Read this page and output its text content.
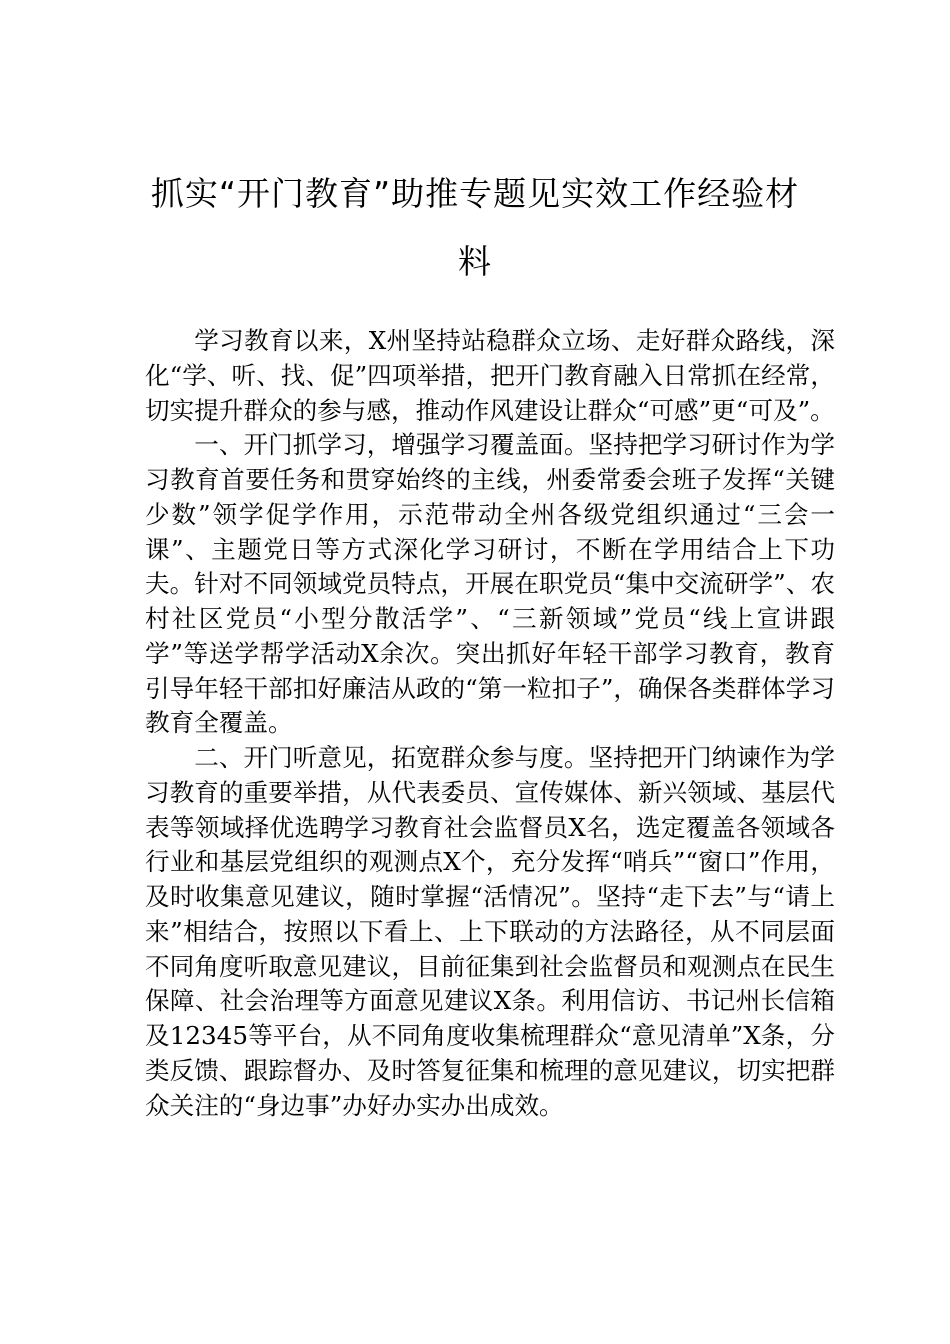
抓实“开门教育”助推专题见实效工作经验材料

学习教育以来，X州坚持站稳群众立场、走好群众路线，深化“学、听、找、促”四项举措，把开门教育融入日常抓在经常，切实提升群众的参与感，推动作风建设让群众“可感”更“可及”。

一、开门抓学习，增强学习覆盖面。坚持把学习研讨作为学习教育首要任务和贯穿始终的主线，州委常委会班子发挥“关键少数”领学促学作用，示范带动全州各级党组织通过“三会一课”、主题党日等方式深化学习研讨，不断在学用结合上下功夫。针对不同领域党员特点，开展在职党员“集中交流研学”、农村社区党员“小型分散活学”、“三新领域”党员“线上宣讲跟学”等送学帮学活动X余次。突出抓好年轻干部学习教育，教育引导年轻干部扣好廉洁从政的“第一粒扣子”，确保各类群体学习教育全覆盖。

二、开门听意见，拓宽群众参与度。坚持把开门纳谏作为学习教育的重要举措，从代表委员、宣传媒体、新兴领域、基层代表等领域择优选聘学习教育社会监督员X名，选定覆盖各领域各行业和基层党组织的观测点X个，充分发挥“哨兵”“窗口”作用，及时收集意见建议，随时掌握“活情况”。坚持“走下去”与“请上来”相结合，按照以下看上、上下联动的方法路径，从不同层面不同角度听取意见建议，目前征集到社会监督员和观测点在民生保障、社会治理等方面意见建议X条。利用信访、书记州长信箱及12345等平台，从不同角度收集梳理群众“意见清单”X条，分类反馈、跟踪督办、及时答复征集和梳理的意见建议，切实把群众关注的“身边事”办好办实办出成效。
